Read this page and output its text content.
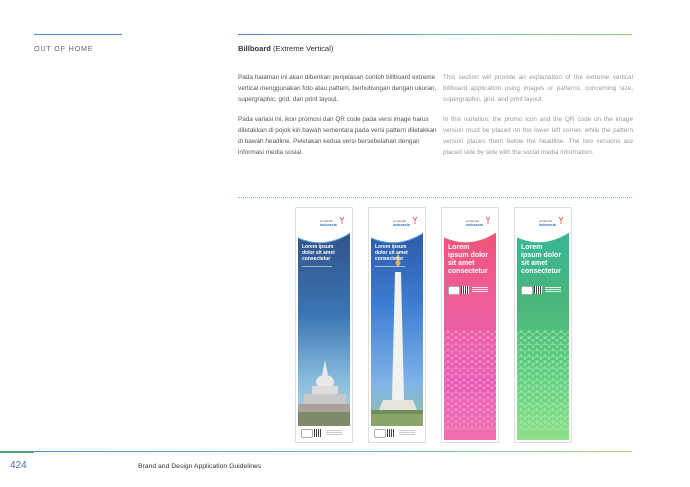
OUT OF HOME	Billboard (Extreme Vertical)

Pada halaman ini akan diberikan penjelasan contoh billboard extreme vertical menggunakan foto atau pattern, berhubungan dengan ukuran, supergraphic, grid, dan print layout.

Pada variasi ini, ikon promosi dan QR code pada versi image harus diletakkan di pojok kiri bawah sementara pada versi pattern diletakkan di bawah headline. Peletakan kedua versi bersebelahan dengan informasi media sosial.

This section will provide an explanation of the extreme vertical billboard application using images or patterns, concerning size, supergraphic, grid, and print layout.

In this variation, the promo icon and the QR code on the image version must be placed on the lower left corner, while the pattern version places them below the headline. The two versions are placed side by side with the social media information.

Lorem ipsum
dolor sit amet
consectetur
wonderful
indonesia
Lorem ipsum
dolor sit amet
consectetur
wonderful
indonesia
Lorem
ipsum dolor
sit amet
consectetur
wonderful
indonesia
Lorem
ipsum dolor
sit amet
consectetur
wonderful
indonesia
424	Brand and Design Application Guidelines
